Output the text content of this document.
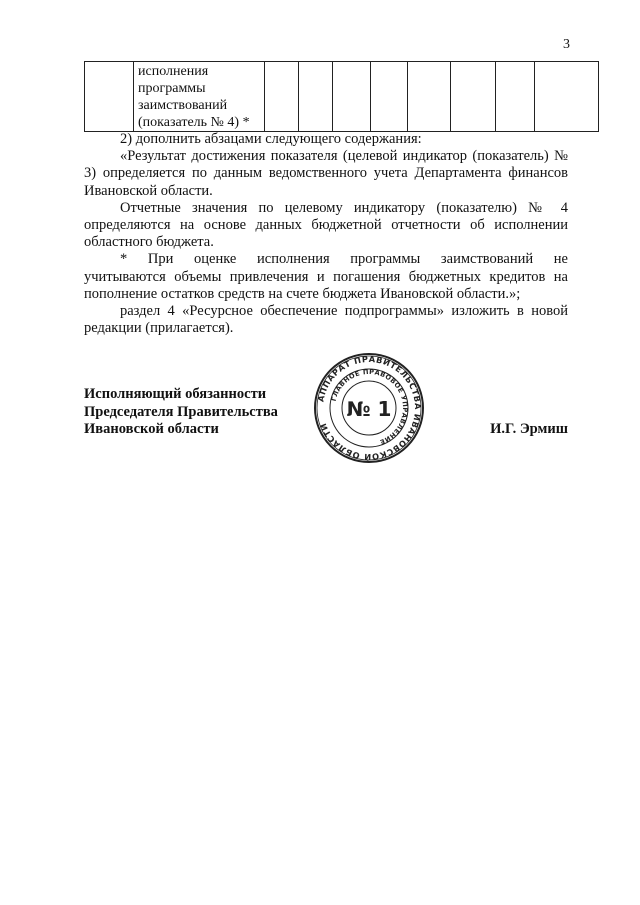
3

исполнения
программы
заимствований
(показатель № 4) *

2) дополнить абзацами следующего содержания:

«Результат достижения показателя (целевой индикатор (показатель) № 3) определяется по данным ведомственного учета Департамента финансов Ивановской области.

Отчетные значения по целевому индикатору (показателю) № 4 определяются на основе данных бюджетной отчетности об исполнении областного бюджета.

* При оценке исполнения программы заимствований не

учитываются объемы привлечения и погашения бюджетных кредитов на пополнение остатков средств на счете бюджета Ивановской области.»;

раздел 4 «Ресурсное обеспечение подпрограммы» изложить в новой редакции (прилагается).

Исполняющий обязанности
Председателя Правительства
Ивановской области	И.Г. Эрмиш
АППАРАТ ПРАВИТЕЛЬСТВА ИВАНОВСКОЙ ОБЛАСТИ
ГЛАВНОЕ ПРАВОВОЕ УПРАВЛЕНИЕ
№ 1
